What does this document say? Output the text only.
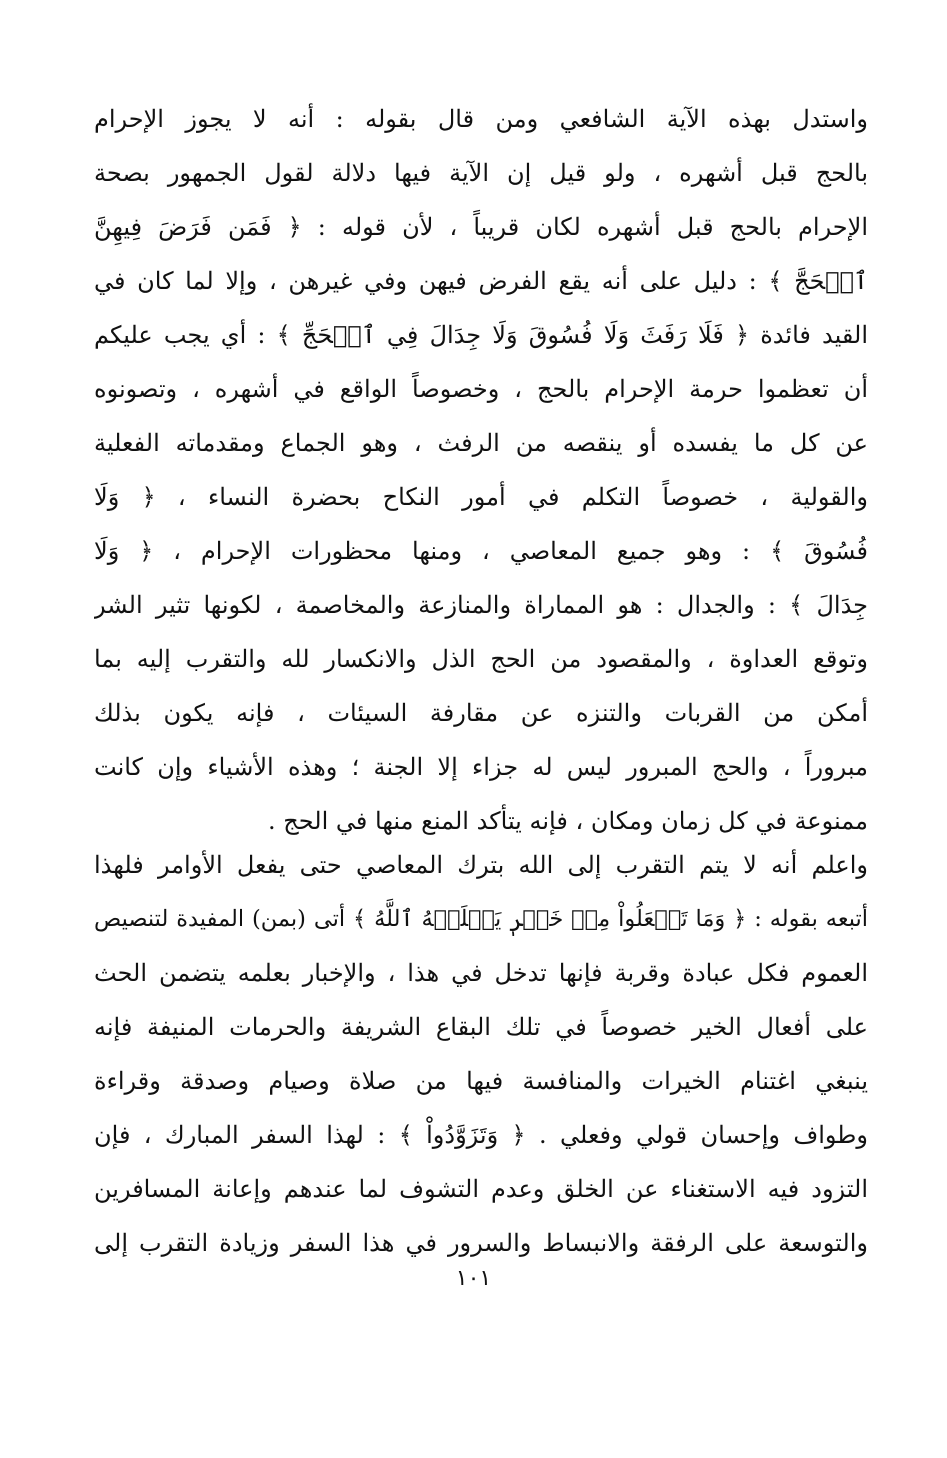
واستدل بهذه الآية الشافعي ومن قال بقوله : أنه لا يجوز الإحرام
بالحج قبل أشهره ، ولو قيل إن الآية فيها دلالة لقول الجمهور بصحة
الإحرام بالحج قبل أشهره لكان قريباً ، لأن قوله : ﴿ فَمَن فَرَضَ فِيهِنَّ
ٱلۡحَجَّ ﴾ : دليل على أنه يقع الفرض فيهن وفي غيرهن ، وإلا لما كان في
القيد فائدة ﴿ فَلَا رَفَثَ وَلَا فُسُوقَ وَلَا جِدَالَ فِي ٱلۡحَجِّ ﴾ : أي يجب عليكم
أن تعظموا حرمة الإحرام بالحج ، وخصوصاً الواقع في أشهره ، وتصونوه
عن كل ما يفسده أو ينقصه من الرفث ، وهو الجماع ومقدماته الفعلية
والقولية ، خصوصاً التكلم في أمور النكاح بحضرة النساء ، ﴿ وَلَا
فُسُوقَ ﴾ : وهو جميع المعاصي ، ومنها محظورات الإحرام ، ﴿ وَلَا
جِدَالَ ﴾ : والجدال : هو المماراة والمنازعة والمخاصمة ، لكونها تثير الشر
وتوقع العداوة ، والمقصود من الحج الذل والانكسار لله والتقرب إليه بما
أمكن من القربات والتنزه عن مقارفة السيئات ، فإنه يكون بذلك
مبروراً ، والحج المبرور ليس له جزاء إلا الجنة ؛ وهذه الأشياء وإن كانت
ممنوعة في كل زمان ومكان ، فإنه يتأكد المنع منها في الحج .
واعلم أنه لا يتم التقرب إلى الله بترك المعاصي حتى يفعل الأوامر فلهذا
أتبعه بقوله : ﴿ وَمَا تَفۡعَلُواْ مِنۡ خَيۡرٖ يَعۡلَمۡهُ ٱللَّهُ ﴾ أتى (بمن) المفيدة لتنصيص
العموم فكل عبادة وقربة فإنها تدخل في هذا ، والإخبار بعلمه يتضمن الحث
على أفعال الخير خصوصاً في تلك البقاع الشريفة والحرمات المنيفة فإنه
ينبغي اغتنام الخيرات والمنافسة فيها من صلاة وصيام وصدقة وقراءة
وطواف وإحسان قولي وفعلي . ﴿ وَتَزَوَّدُواْ ﴾ : لهذا السفر المبارك ، فإن
التزود فيه الاستغناء عن الخلق وعدم التشوف لما عندهم وإعانة المسافرين
والتوسعة على الرفقة والانبساط والسرور في هذا السفر وزيادة التقرب إلى
١٠١
